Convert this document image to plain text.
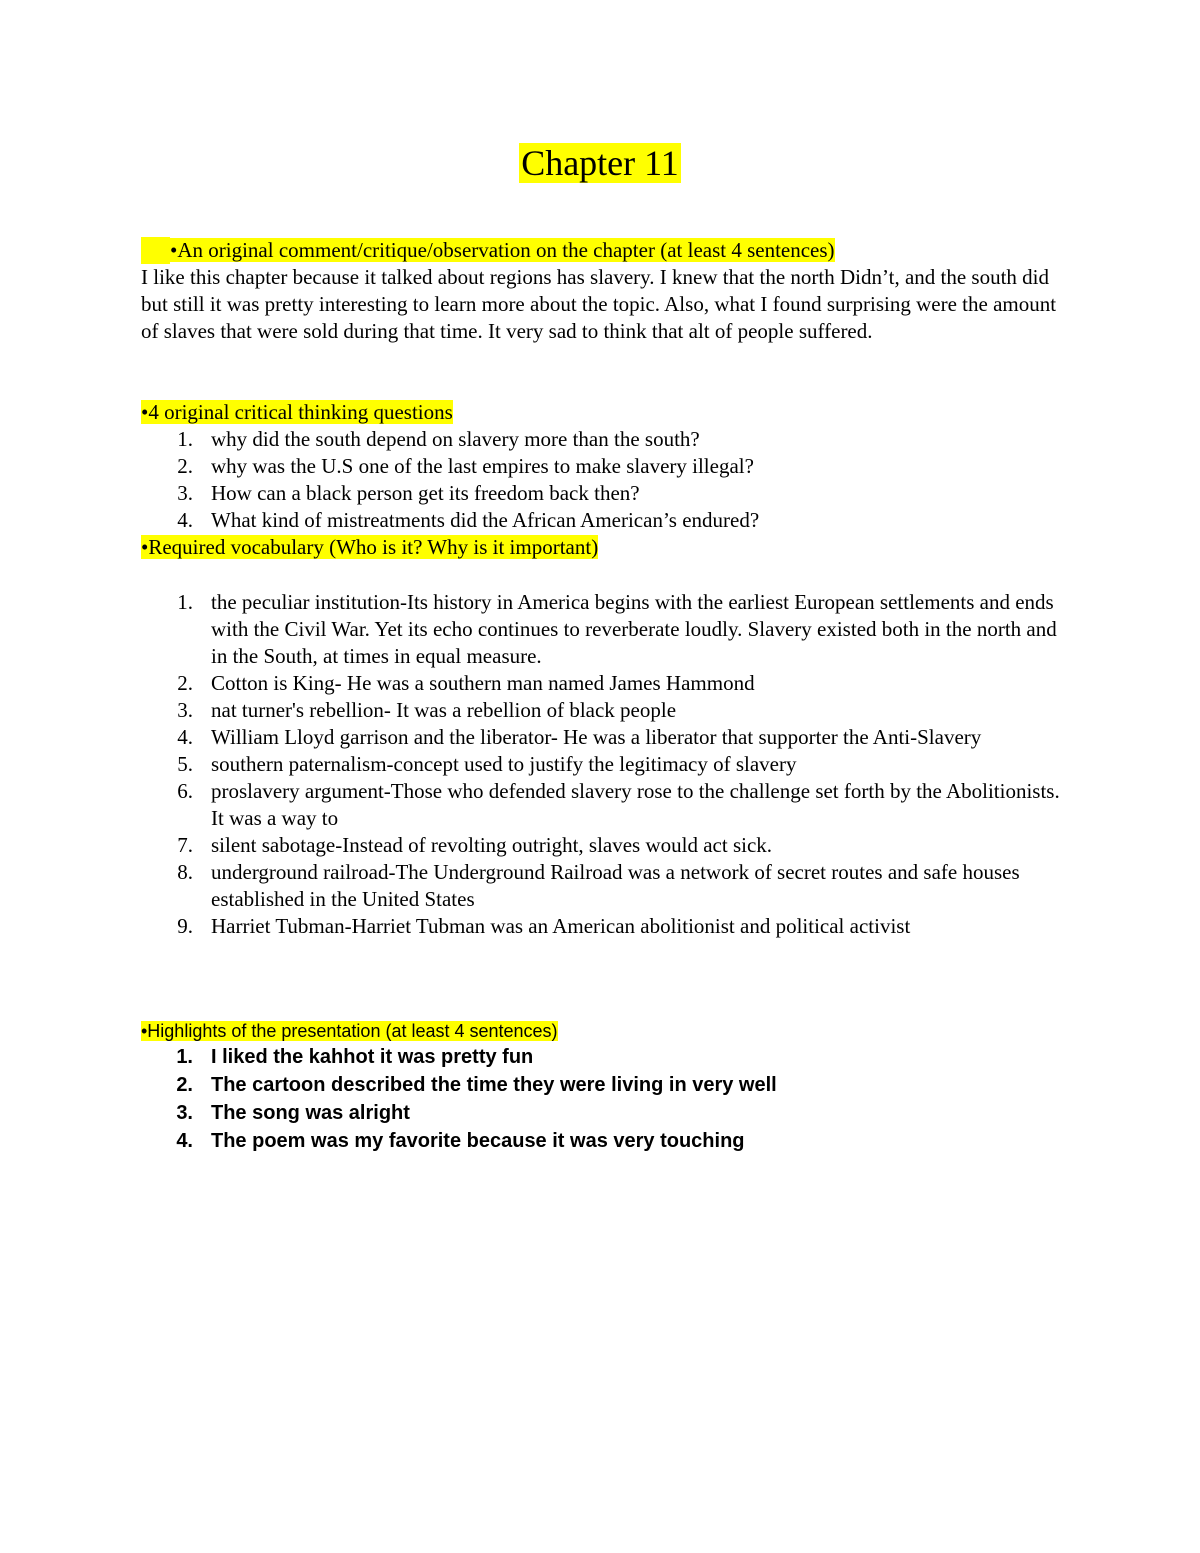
Chapter 11
•An original comment/critique/observation on the chapter (at least 4 sentences)

I like this chapter because it talked about regions has slavery. I knew that the north Didn’t, and the south did but still it was pretty interesting to learn more about the topic. Also, what I found surprising were the amount of slaves that were sold during that time. It very sad to think that alt of people suffered.

•4 original critical thinking questions
1. why did the south depend on slavery more than the south?
2. why was the U.S one of the last empires to make slavery illegal?
3. How can a black person get its freedom back then?
4. What kind of mistreatments did the African American’s endured?
•Required vocabulary (Who is it? Why is it important)
1. the peculiar institution-Its history in America begins with the earliest European settlements and ends with the Civil War. Yet its echo continues to reverberate loudly. Slavery existed both in the north and in the South, at times in equal measure.
2. Cotton is King- He was a southern man named James Hammond
3. nat turner's rebellion- It was a rebellion of black people
4. William Lloyd garrison and the liberator- He was a liberator that supporter the Anti-Slavery
5. southern paternalism-concept used to justify the legitimacy of slavery
6. proslavery argument-Those who defended slavery rose to the challenge set forth by the Abolitionists. It was a way to
7. silent sabotage-Instead of revolting outright, slaves would act sick.
8. underground railroad-The Underground Railroad was a network of secret routes and safe houses established in the United States
9. Harriet Tubman-Harriet Tubman was an American abolitionist and political activist
•Highlights of the presentation (at least 4 sentences)
1. I liked the kahhot it was pretty fun
2. The cartoon described the time they were living in very well
3. The song was alright
4. The poem was my favorite because it was very touching
